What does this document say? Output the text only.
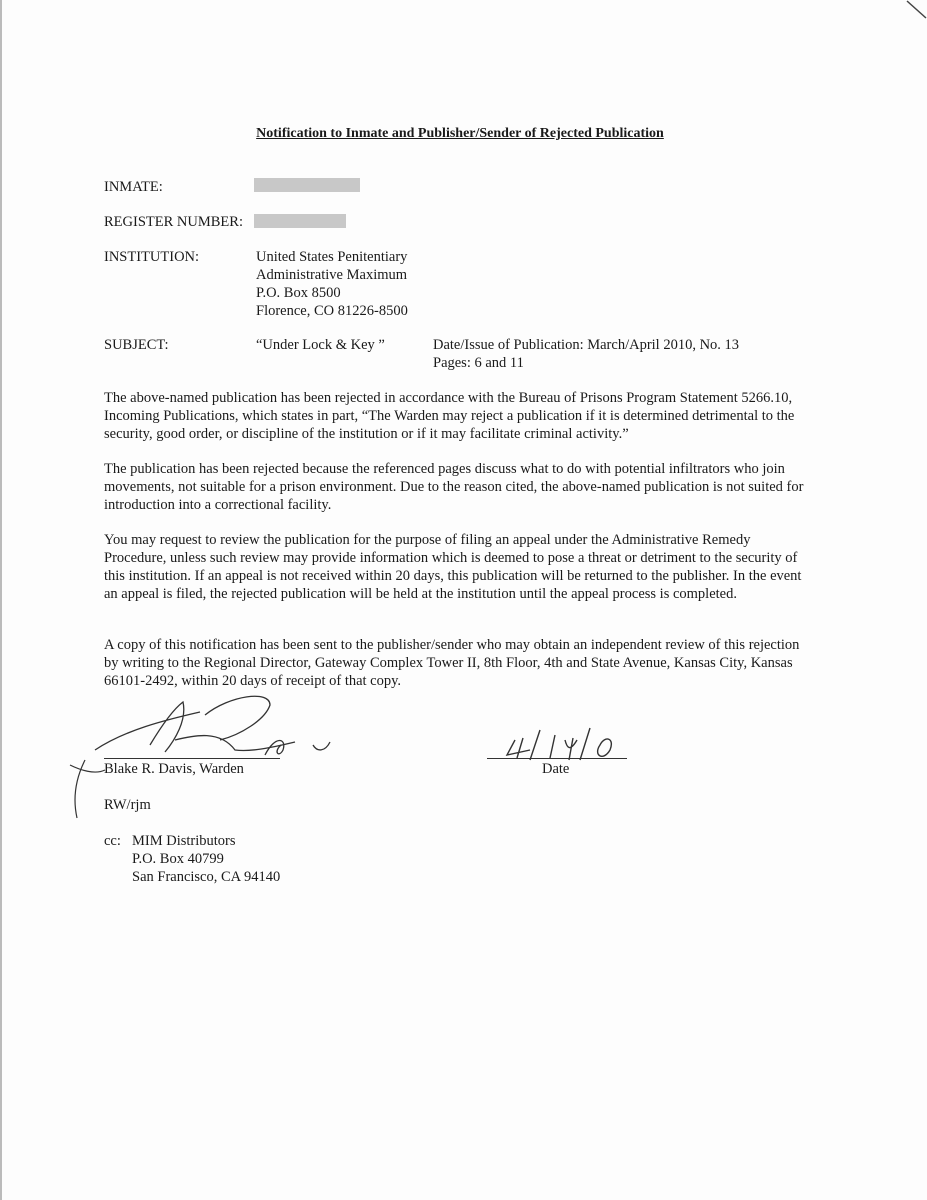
Notification to Inmate and Publisher/Sender of Rejected Publication
INMATE:
REGISTER NUMBER:
INSTITUTION:	United States Penitentiary
Administrative Maximum
P.O. Box 8500
Florence, CO 81226-8500
SUBJECT:	“Under Lock & Key ”	Date/Issue of Publication: March/April 2010, No. 13
Pages: 6 and 11
The above-named publication has been rejected in accordance with the Bureau of Prisons Program Statement 5266.10, Incoming Publications, which states in part, “The Warden may reject a publication if it is determined detrimental to the security, good order, or discipline of the institution or if it may facilitate criminal activity.”
The publication has been rejected because the referenced pages discuss what to do with potential infiltrators who join movements, not suitable for a prison environment. Due to the reason cited, the above-named publication is not suited for introduction into a correctional facility.
You may request to review the publication for the purpose of filing an appeal under the Administrative Remedy Procedure, unless such review may provide information which is deemed to pose a threat or detriment to the security of this institution. If an appeal is not received within 20 days, this publication will be returned to the publisher. In the event an appeal is filed, the rejected publication will be held at the institution until the appeal process is completed.
A copy of this notification has been sent to the publisher/sender who may obtain an independent review of this rejection by writing to the Regional Director, Gateway Complex Tower II, 8th Floor, 4th and State Avenue, Kansas City, Kansas 66101-2492, within 20 days of receipt of that copy.
Blake R. Davis, Warden	Date
RW/rjm
cc: MIM Distributors
P.O. Box 40799
San Francisco, CA 94140
